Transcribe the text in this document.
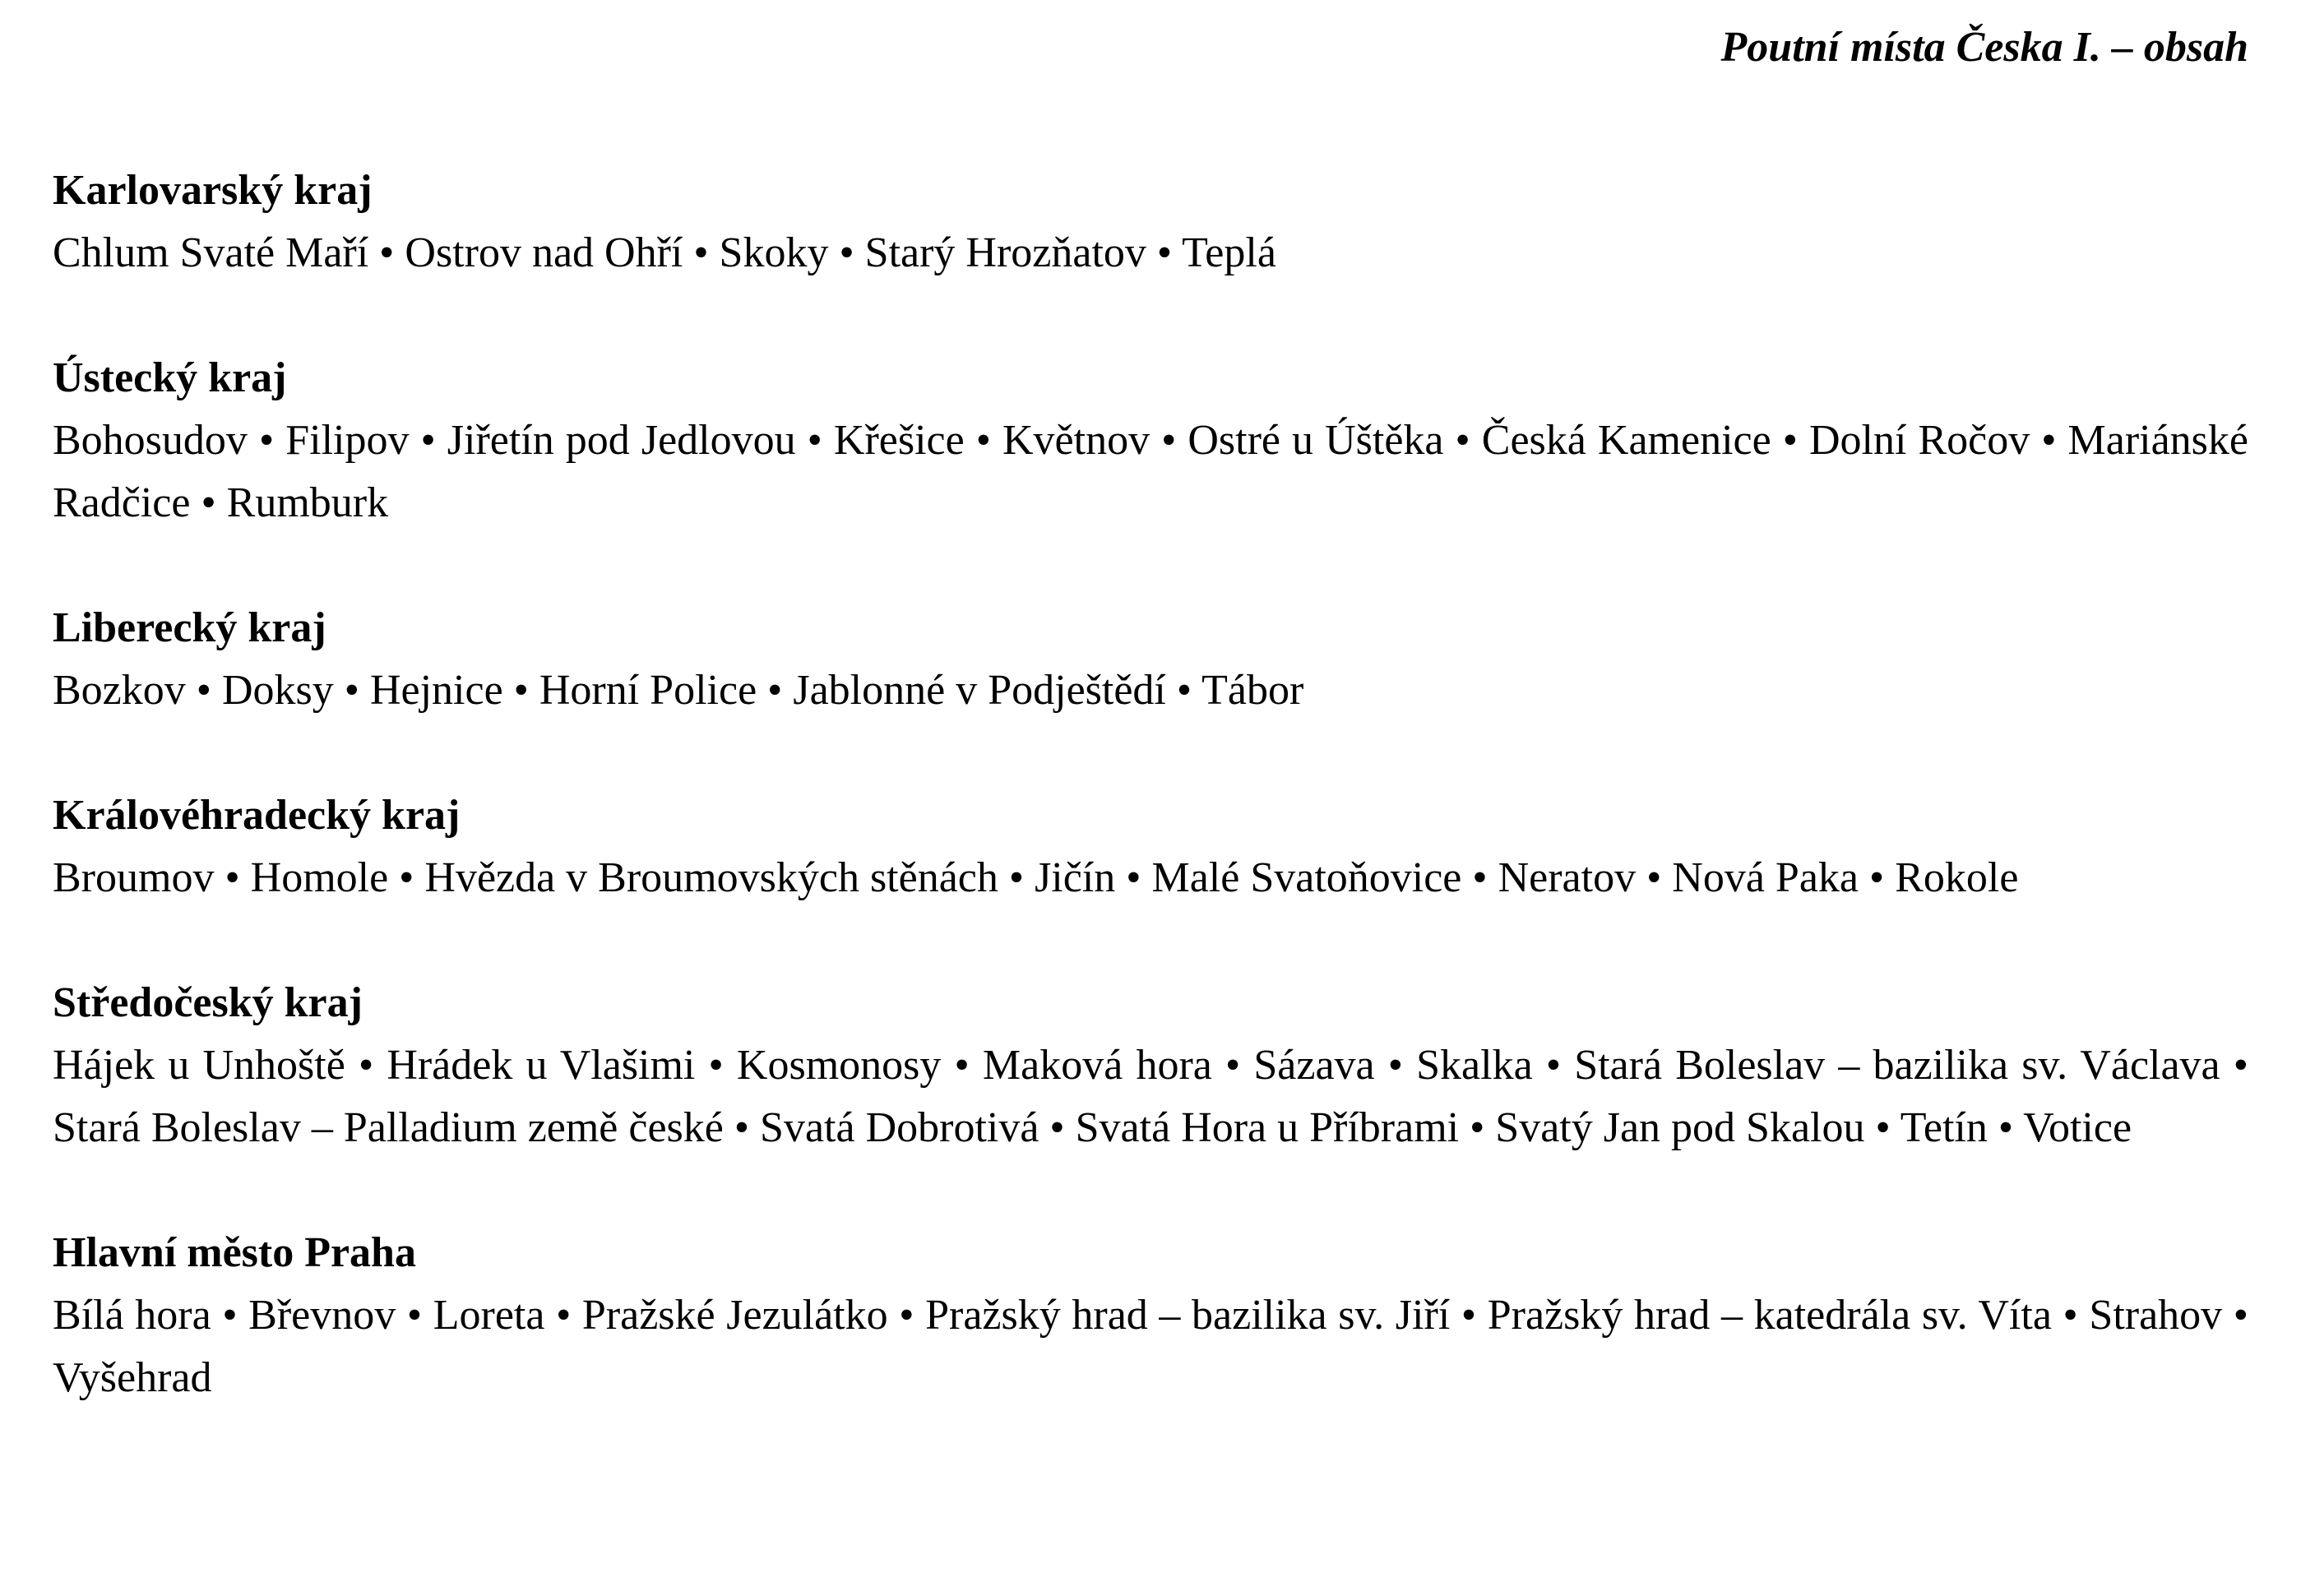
Poutní místa Česka I. – obsah

Karlovarský kraj

Chlum Svaté Maří • Ostrov nad Ohří • Skoky • Starý Hrozňatov • Teplá

Ústecký kraj

Bohosudov • Filipov • Jiřetín pod Jedlovou • Křešice • Květnov • Ostré u Úštěka • Česká Kamenice • Dolní Ročov • Mariánské Radčice • Rumburk

Liberecký kraj

Bozkov • Doksy • Hejnice • Horní Police • Jablonné v Podještědí • Tábor

Královéhradecký kraj

Broumov • Homole • Hvězda v Broumovských stěnách • Jičín • Malé Svatoňovice • Neratov • Nová Paka • Rokole

Středočeský kraj

Hájek u Unhoště • Hrádek u Vlašimi • Kosmonosy • Maková hora • Sázava • Skalka • Stará Boleslav – bazilika sv. Václava • Stará Boleslav – Palladium země české • Svatá Dobrotivá • Svatá Hora u Příbrami • Svatý Jan pod Skalou • Tetín • Votice

Hlavní město Praha

Bílá hora • Břevnov • Loreta • Pražské Jezulátko • Pražský hrad – bazilika sv. Jiří • Pražský hrad – katedrála sv. Víta • Strahov • Vyšehrad
